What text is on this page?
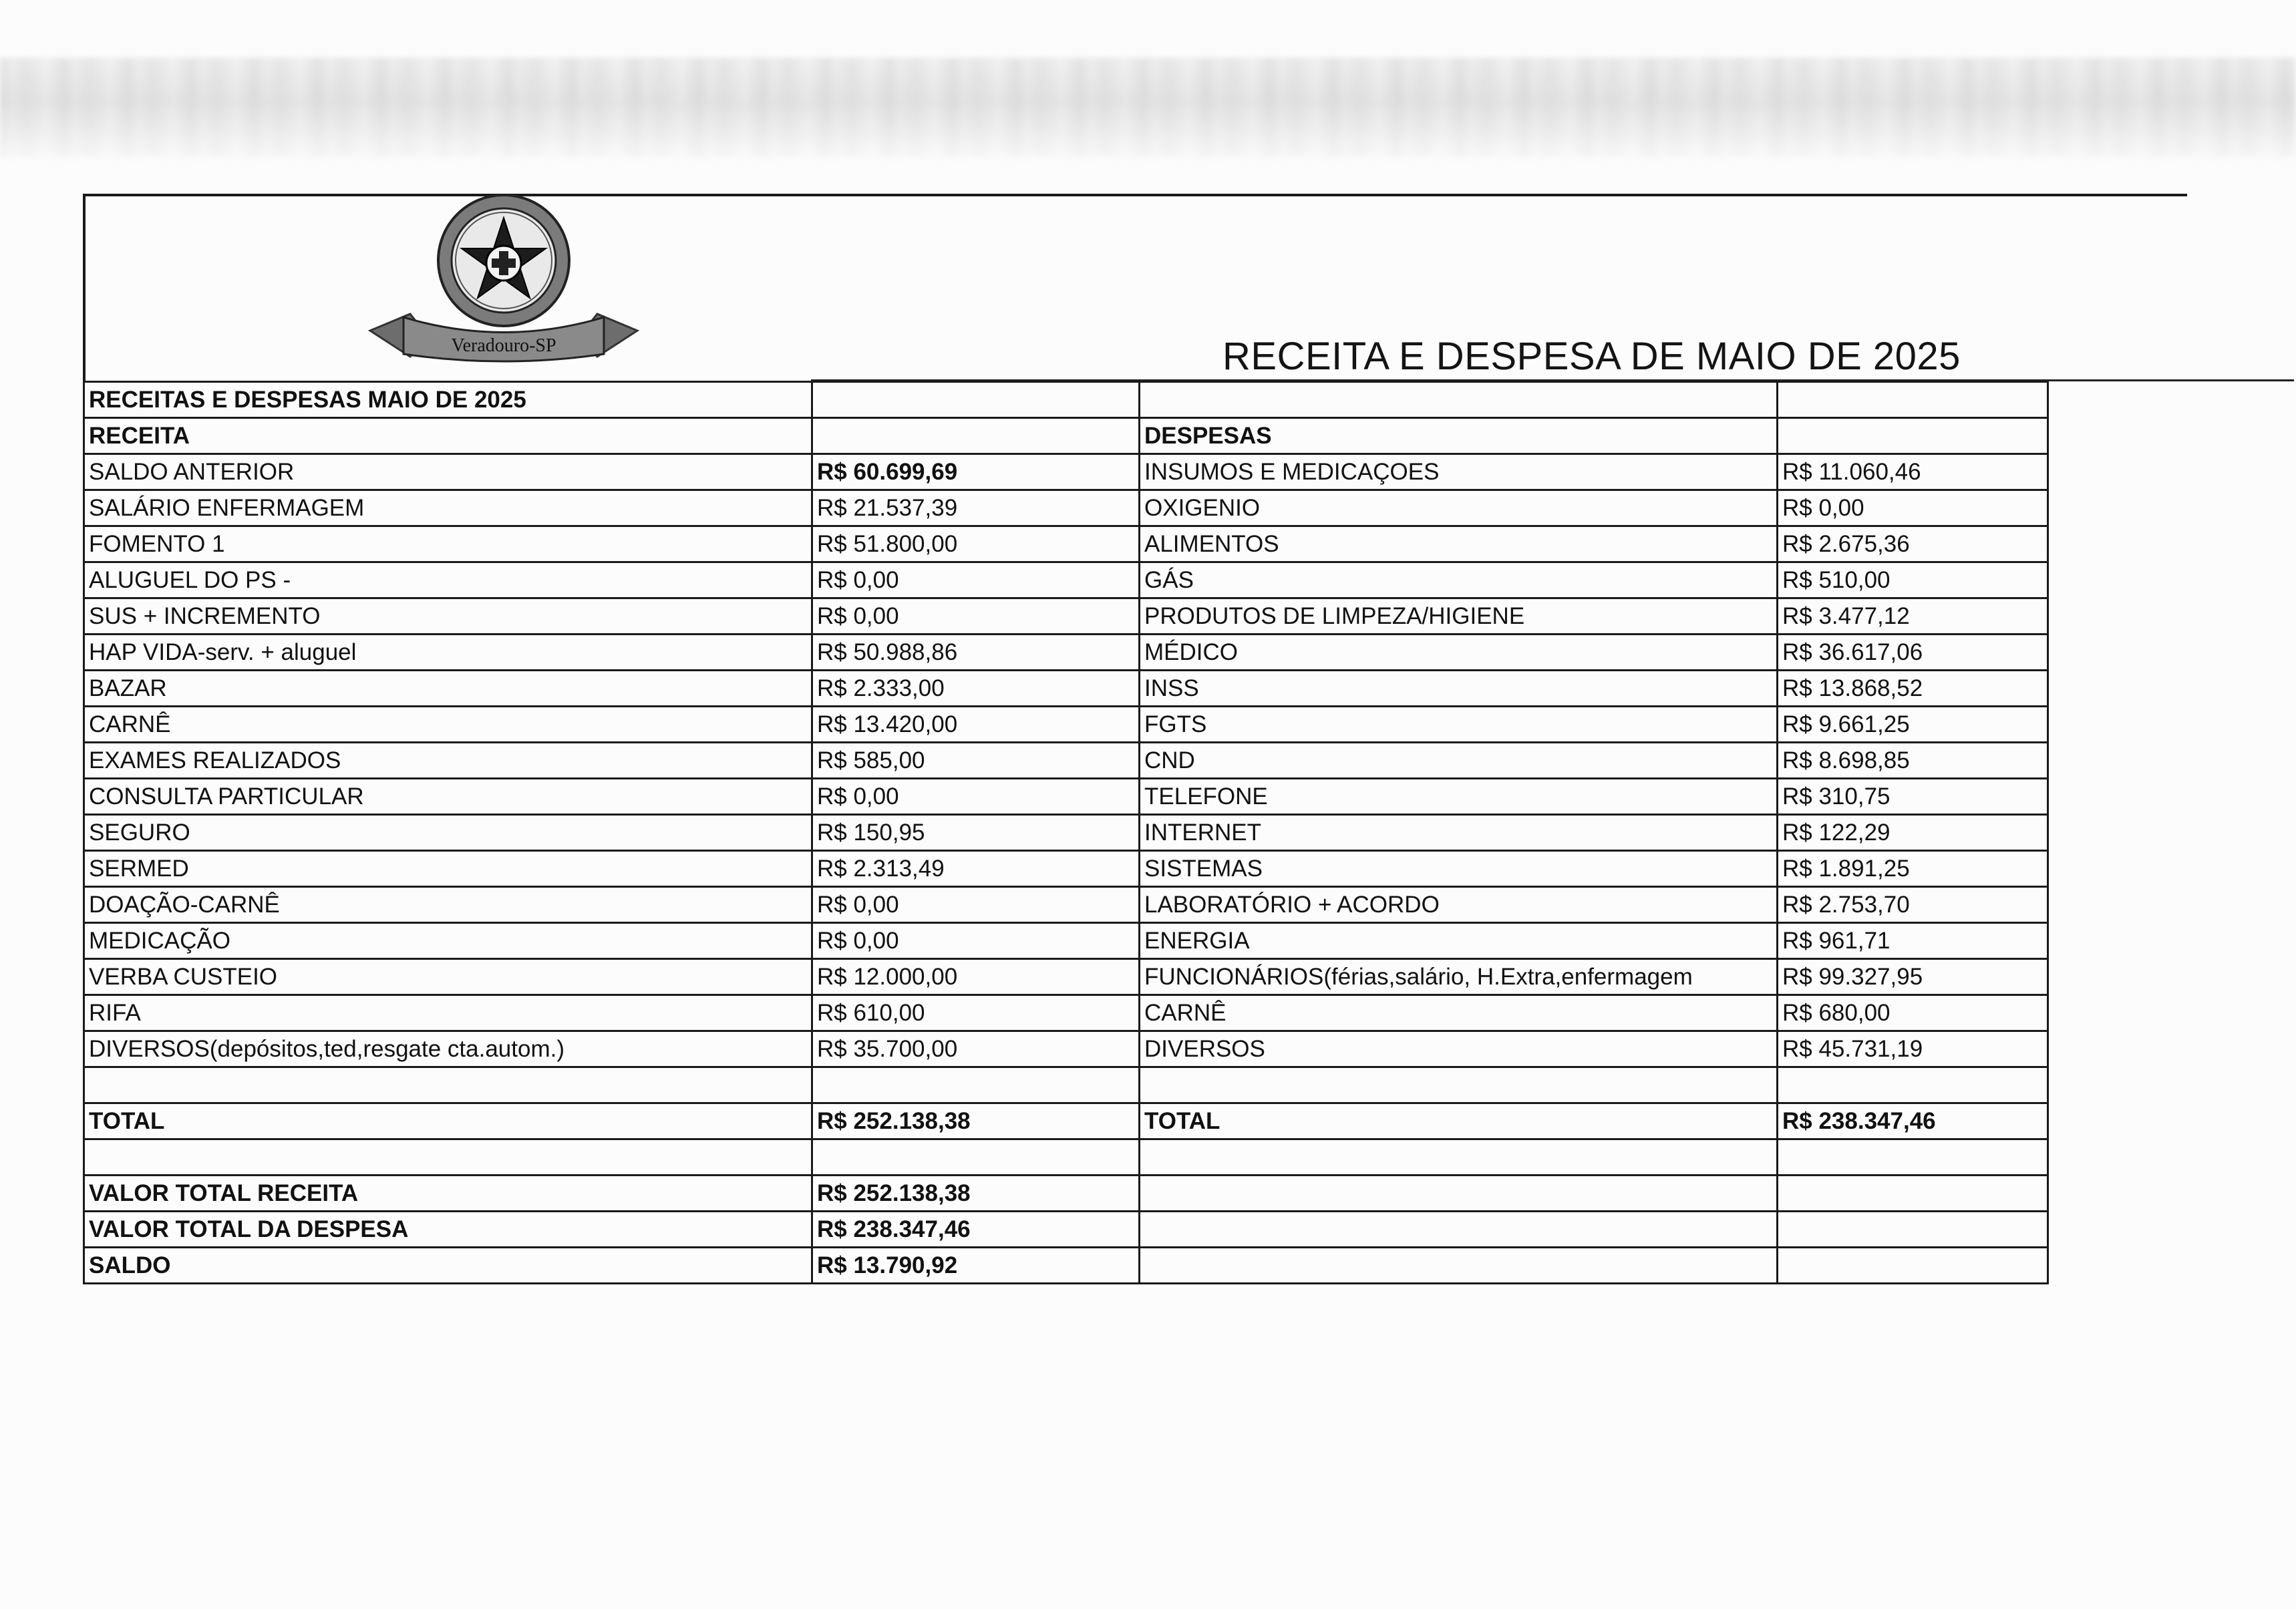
Veradouro-SP	RECEITA E DESPESA DE MAIO DE 2025
RECEITAS E DESPESAS MAIO DE 2025			
RECEITA		DESPESAS	
SALDO ANTERIOR	R$ 60.699,69	INSUMOS E MEDICAÇOES	R$ 11.060,46
SALÁRIO ENFERMAGEM	R$ 21.537,39	OXIGENIO	R$ 0,00
FOMENTO 1	R$ 51.800,00	ALIMENTOS	R$ 2.675,36
ALUGUEL DO PS -	R$ 0,00	GÁS	R$ 510,00
SUS + INCREMENTO	R$ 0,00	PRODUTOS DE LIMPEZA/HIGIENE	R$ 3.477,12
HAP VIDA-serv. + aluguel	R$ 50.988,86	MÉDICO	R$ 36.617,06
BAZAR	R$ 2.333,00	INSS	R$ 13.868,52
CARNÊ	R$ 13.420,00	FGTS	R$ 9.661,25
EXAMES REALIZADOS	R$ 585,00	CND	R$ 8.698,85
CONSULTA PARTICULAR	R$ 0,00	TELEFONE	R$ 310,75
SEGURO	R$ 150,95	INTERNET	R$ 122,29
SERMED	R$ 2.313,49	SISTEMAS	R$ 1.891,25
DOAÇÃO-CARNÊ	R$ 0,00	LABORATÓRIO + ACORDO	R$ 2.753,70
MEDICAÇÃO	R$ 0,00	ENERGIA	R$ 961,71
VERBA CUSTEIO	R$ 12.000,00	FUNCIONÁRIOS(férias,salário, H.Extra,enfermagem	R$ 99.327,95
RIFA	R$ 610,00	CARNÊ	R$ 680,00
DIVERSOS(depósitos,ted,resgate cta.autom.)	R$ 35.700,00	DIVERSOS	R$ 45.731,19

TOTAL	R$ 252.138,38	TOTAL	R$ 238.347,46

VALOR TOTAL RECEITA	R$ 252.138,38		
VALOR TOTAL DA DESPESA	R$ 238.347,46		
SALDO	R$ 13.790,92		
